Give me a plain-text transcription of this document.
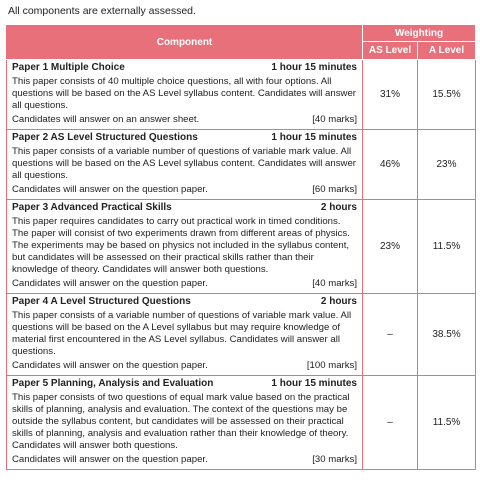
All components are externally assessed.
Component	Weighting	
	AS Level	A Level

Paper 1 Multiple Choice 1 hour 15 minutes
This paper consists of 40 multiple choice questions, all with four options. All questions will be based on the AS Level syllabus content. Candidates will answer all questions.
Candidates will answer on an answer sheet. [40 marks]	31%	15.5%

Paper 2 AS Level Structured Questions 1 hour 15 minutes
This paper consists of a variable number of questions of variable mark value. All questions will be based on the AS Level syllabus content. Candidates will answer all questions.
Candidates will answer on the question paper. [60 marks]	46%	23%

Paper 3 Advanced Practical Skills 2 hours
This paper requires candidates to carry out practical work in timed conditions. The paper will consist of two experiments drawn from different areas of physics. The experiments may be based on physics not included in the syllabus content, but candidates will be assessed on their practical skills rather than their knowledge of theory. Candidates will answer both questions.
Candidates will answer on the question paper. [40 marks]	23%	11.5%

Paper 4 A Level Structured Questions 2 hours
This paper consists of a variable number of questions of variable mark value. All questions will be based on the A Level syllabus but may require knowledge of material first encountered in the AS Level syllabus. Candidates will answer all questions.
Candidates will answer on the question paper. [100 marks]	–	38.5%

Paper 5 Planning, Analysis and Evaluation 1 hour 15 minutes
This paper consists of two questions of equal mark value based on the practical skills of planning, analysis and evaluation. The context of the questions may be outside the syllabus content, but candidates will be assessed on their practical skills of planning, analysis and evaluation rather than their knowledge of theory. Candidates will answer both questions.
Candidates will answer on the question paper. [30 marks]	–	11.5%
